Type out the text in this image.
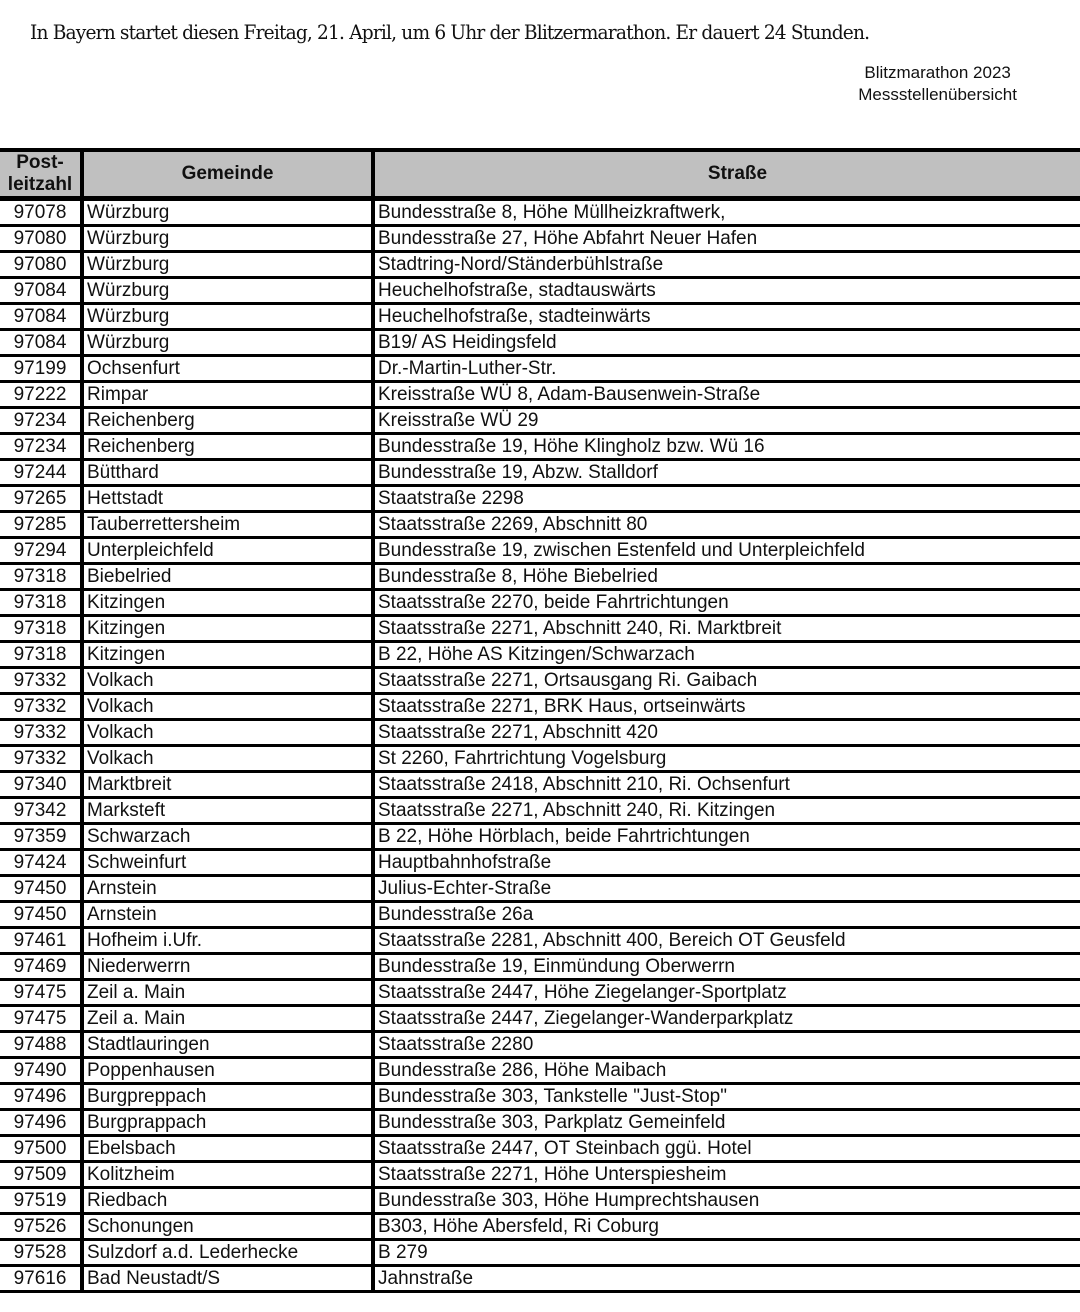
In Bayern startet diesen Freitag, 21. April, um 6 Uhr der Blitzermarathon. Er dauert 24 Stunden.
Blitzmarathon 2023
Messstellenübersicht
Post-
leitzahl	Gemeinde	Straße
97078	Würzburg	Bundesstraße 8, Höhe Müllheizkraftwerk,
97080	Würzburg	Bundesstraße 27, Höhe Abfahrt Neuer Hafen
97080	Würzburg	Stadtring-Nord/Ständerbühlstraße
97084	Würzburg	Heuchelhofstraße, stadtauswärts
97084	Würzburg	Heuchelhofstraße, stadteinwärts
97084	Würzburg	B19/ AS Heidingsfeld
97199	Ochsenfurt	Dr.-Martin-Luther-Str.
97222	Rimpar	Kreisstraße WÜ 8, Adam-Bausenwein-Straße
97234	Reichenberg	Kreisstraße WÜ 29
97234	Reichenberg	Bundesstraße 19, Höhe Klingholz bzw. Wü 16
97244	Bütthard	Bundesstraße 19, Abzw. Stalldorf
97265	Hettstadt	Staatstraße 2298
97285	Tauberrettersheim	Staatsstraße 2269, Abschnitt 80
97294	Unterpleichfeld	Bundesstraße 19, zwischen Estenfeld und Unterpleichfeld
97318	Biebelried	Bundesstraße 8, Höhe Biebelried
97318	Kitzingen	Staatsstraße 2270, beide Fahrtrichtungen
97318	Kitzingen	Staatsstraße 2271, Abschnitt 240, Ri. Marktbreit
97318	Kitzingen	B 22, Höhe AS Kitzingen/Schwarzach
97332	Volkach	Staatsstraße 2271, Ortsausgang Ri. Gaibach
97332	Volkach	Staatsstraße 2271, BRK Haus, ortseinwärts
97332	Volkach	Staatsstraße 2271, Abschnitt 420
97332	Volkach	St 2260, Fahrtrichtung Vogelsburg
97340	Marktbreit	Staatsstraße 2418, Abschnitt 210, Ri. Ochsenfurt
97342	Marksteft	Staatsstraße 2271, Abschnitt 240, Ri. Kitzingen
97359	Schwarzach	B 22, Höhe Hörblach, beide Fahrtrichtungen
97424	Schweinfurt	Hauptbahnhofstraße
97450	Arnstein	Julius-Echter-Straße
97450	Arnstein	Bundesstraße 26a
97461	Hofheim i.Ufr.	Staatsstraße 2281, Abschnitt 400, Bereich OT Geusfeld
97469	Niederwerrn	Bundesstraße 19, Einmündung Oberwerrn
97475	Zeil a. Main	Staatsstraße 2447, Höhe Ziegelanger-Sportplatz
97475	Zeil a. Main	Staatsstraße 2447, Ziegelanger-Wanderparkplatz
97488	Stadtlauringen	Staatsstraße 2280
97490	Poppenhausen	Bundesstraße 286, Höhe Maibach
97496	Burgpreppach	Bundesstraße 303, Tankstelle "Just-Stop"
97496	Burgprappach	Bundesstraße 303, Parkplatz Gemeinfeld
97500	Ebelsbach	Staatsstraße 2447, OT Steinbach ggü. Hotel
97509	Kolitzheim	Staatsstraße 2271, Höhe Unterspiesheim
97519	Riedbach	Bundesstraße 303, Höhe Humprechtshausen
97526	Schonungen	B303, Höhe Abersfeld, Ri Coburg
97528	Sulzdorf a.d. Lederhecke	B 279
97616	Bad Neustadt/S	Jahnstraße
